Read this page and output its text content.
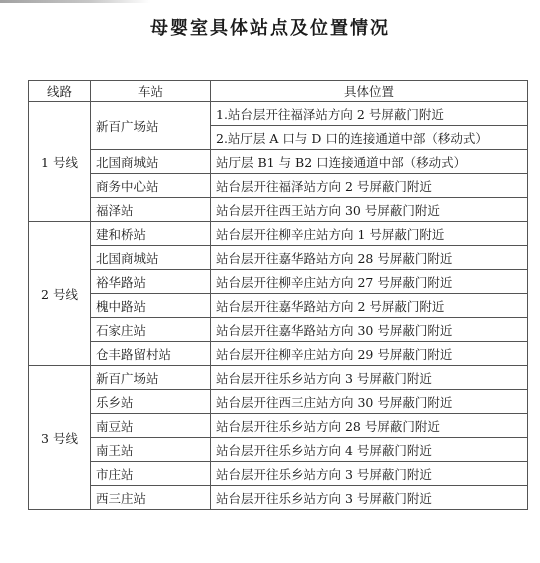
母婴室具体站点及位置情况
线路	车站	具体位置
1 号线	新百广场站	1.站台层开往福泽站方向 2 号屏蔽门附近
		2.站厅层 A 口与 D 口的连接通道中部（移动式）
	北国商城站	站厅层 B1 与 B2 口连接通道中部（移动式）
	商务中心站	站台层开往福泽站方向 2 号屏蔽门附近
	福泽站	站台层开往西王站方向 30 号屏蔽门附近
2 号线	建和桥站	站台层开往柳辛庄站方向 1 号屏蔽门附近
	北国商城站	站台层开往嘉华路站方向 28 号屏蔽门附近
	裕华路站	站台层开往柳辛庄站方向 27 号屏蔽门附近
	槐中路站	站台层开往嘉华路站方向 2 号屏蔽门附近
	石家庄站	站台层开往嘉华路站方向 30 号屏蔽门附近
	仓丰路留村站	站台层开往柳辛庄站方向 29 号屏蔽门附近
3 号线	新百广场站	站台层开往乐乡站方向 3 号屏蔽门附近
	乐乡站	站台层开往西三庄站方向 30 号屏蔽门附近
	南豆站	站台层开往乐乡站方向 28 号屏蔽门附近
	南王站	站台层开往乐乡站方向 4 号屏蔽门附近
	市庄站	站台层开往乐乡站方向 3 号屏蔽门附近
	西三庄站	站台层开往乐乡站方向 3 号屏蔽门附近
